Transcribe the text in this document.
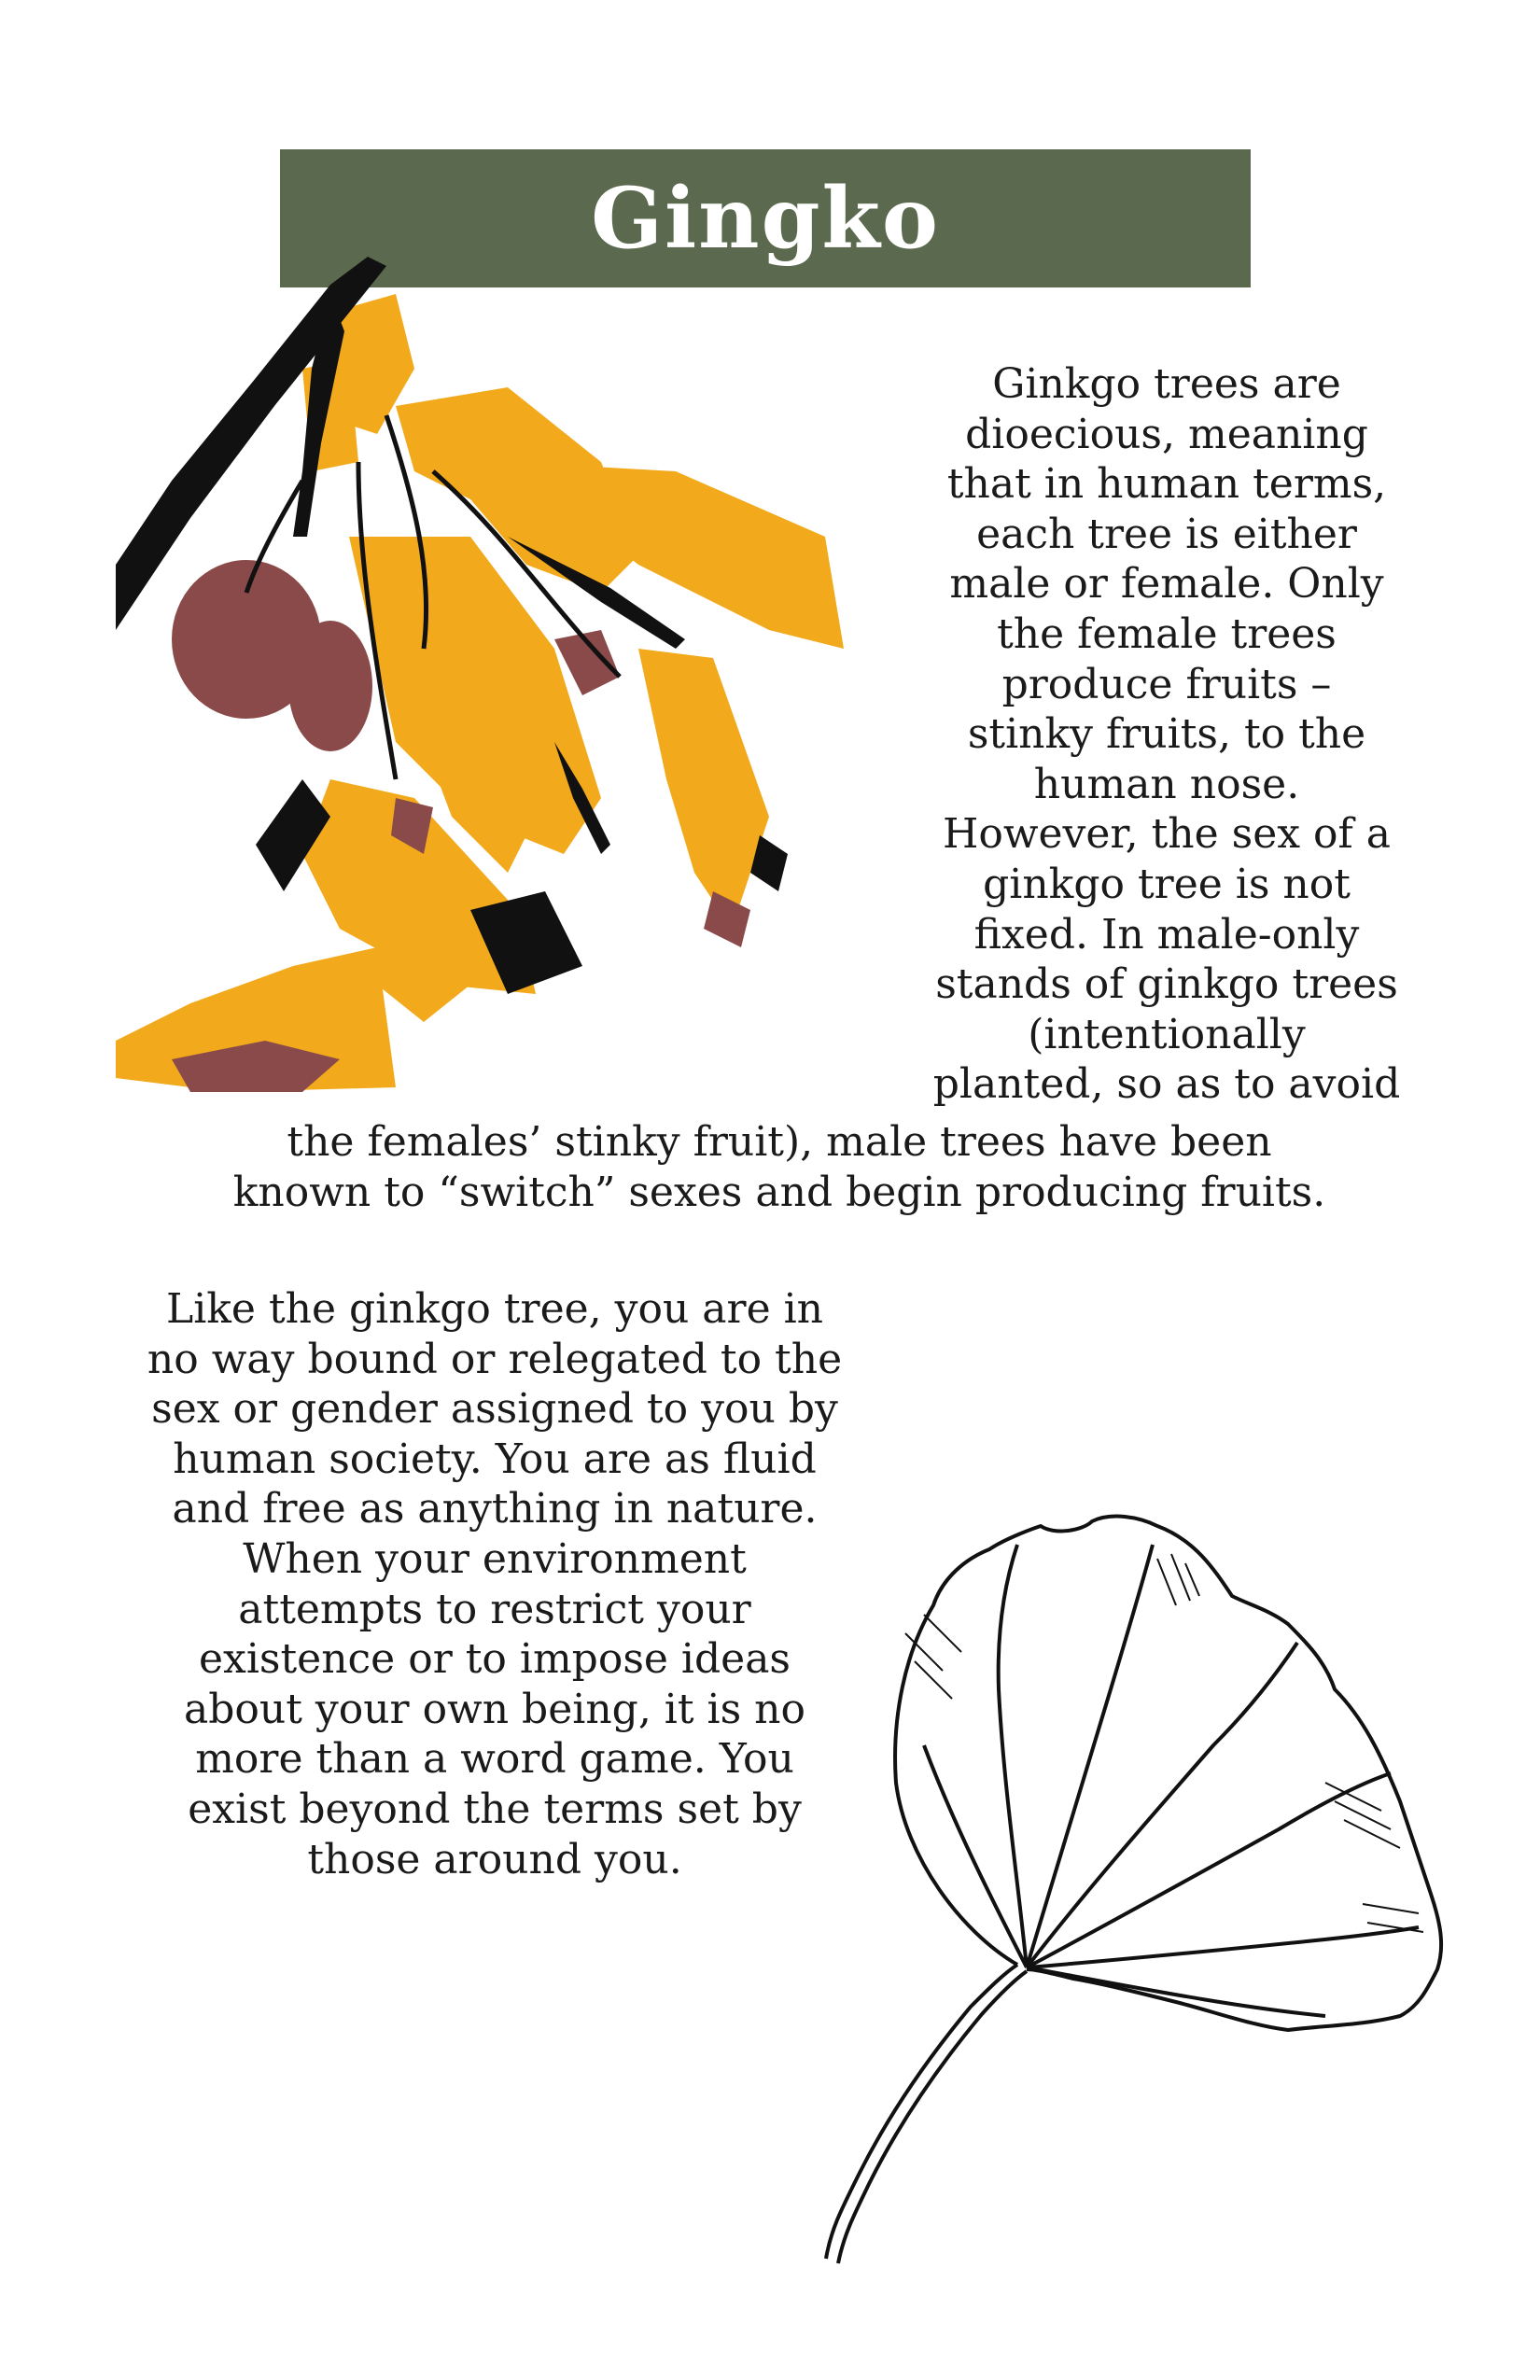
Gingko

Ginkgo trees are
dioecious, meaning
that in human terms,
each tree is either
male or female. Only
the female trees
produce fruits –
stinky fruits, to the
human nose.
However, the sex of a
ginkgo tree is not
fixed. In male-only
stands of ginkgo trees
(intentionally
planted, so as to avoid

the females’ stinky fruit), male trees have been
known to “switch” sexes and begin producing fruits.

Like the ginkgo tree, you are in
no way bound or relegated to the
sex or gender assigned to you by
human society. You are as fluid
and free as anything in nature.
When your environment
attempts to restrict your
existence or to impose ideas
about your own being, it is no
more than a word game. You
exist beyond the terms set by
those around you.
